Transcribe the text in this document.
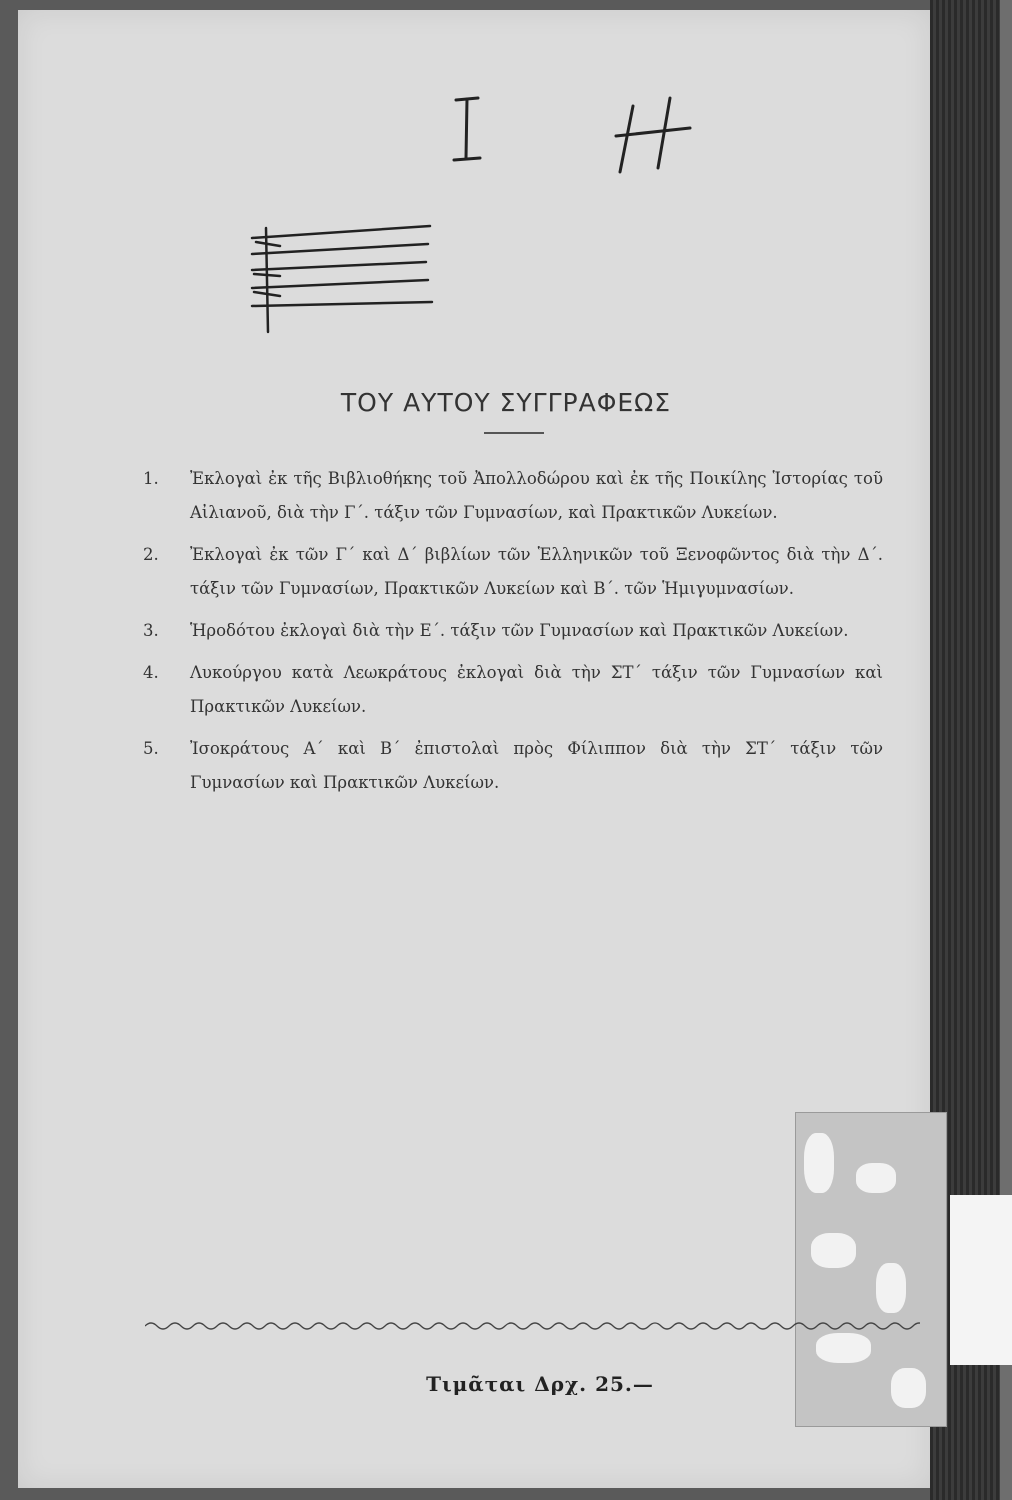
ΤΟΥ ΑΥΤΟΥ ΣΥΓΓΡΑΦΕΩΣ
1. Ἐκλογαὶ ἐκ τῆς Βιβλιοθήκης τοῦ Ἀπολλοδώρου καὶ ἐκ τῆς Ποικίλης Ἱστορίας τοῦ Αἰλιανοῦ, διὰ τὴν Γ΄. τάξιν τῶν Γυμνασίων, καὶ Πρακτικῶν Λυκείων.
2. Ἐκλογαὶ ἐκ τῶν Γ΄ καὶ Δ΄ βιβλίων τῶν Ἑλληνικῶν τοῦ Ξενοφῶντος διὰ τὴν Δ΄. τάξιν τῶν Γυμνασίων, Πρακτικῶν Λυκείων καὶ Β΄. τῶν Ἡμιγυμνασίων.
3. Ἡροδότου ἐκλογαὶ διὰ τὴν Ε΄. τάξιν τῶν Γυμνασίων καὶ Πρακτικῶν Λυκείων.
4. Λυκούργου κατὰ Λεωκράτους ἐκλογαὶ διὰ τὴν ΣΤ΄ τάξιν τῶν Γυμνασίων καὶ Πρακτικῶν Λυκείων.
5. Ἰσοκράτους Α΄ καὶ Β΄ ἐπιστολαὶ πρὸς Φίλιππον διὰ τὴν ΣΤ΄ τάξιν τῶν Γυμνασίων καὶ Πρακτικῶν Λυκείων.
Τιμᾶται Δρχ. 25.—
